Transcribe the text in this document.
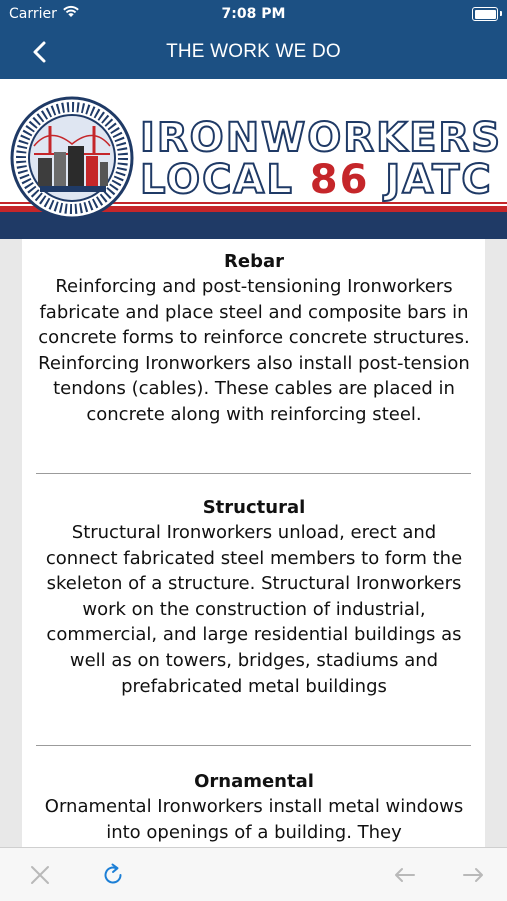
Carrier	7:08 PM
THE WORK WE DO
IRONWORKERS
LOCAL 86 JATC
Rebar

Reinforcing and post-tensioning Ironworkers fabricate and place steel and composite bars in concrete forms to reinforce concrete structures. Reinforcing Ironworkers also install post-tension tendons (cables). These cables are placed in concrete along with reinforcing steel.

Structural

Structural Ironworkers unload, erect and connect fabricated steel members to form the skeleton of a structure. Structural Ironworkers work on the construction of industrial, commercial, and large residential buildings as well as on towers, bridges, stadiums and prefabricated metal buildings

Ornamental

Ornamental Ironworkers install metal windows into openings of a building. They
